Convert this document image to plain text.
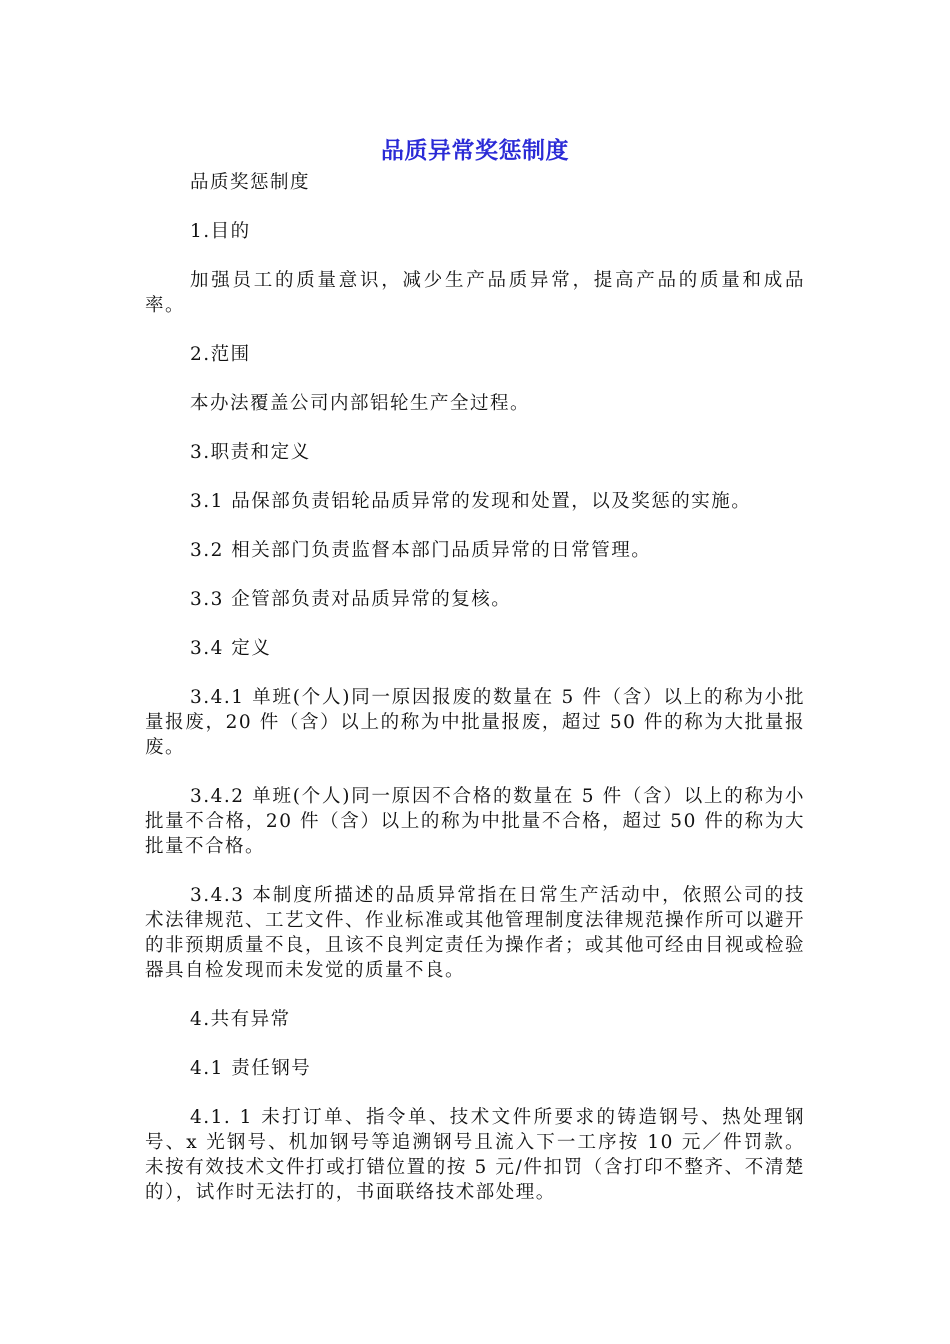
品质异常奖惩制度

品质奖惩制度

1.目的

加强员工的质量意识，减少生产品质异常，提高产品的质量和成品率。

2.范围

本办法覆盖公司内部铝轮生产全过程。

3.职责和定义

3.1 品保部负责铝轮品质异常的发现和处置，以及奖惩的实施。

3.2 相关部门负责监督本部门品质异常的日常管理。

3.3 企管部负责对品质异常的复核。

3.4 定义

3.4.1 单班(个人)同一原因报废的数量在 5 件（含）以上的称为小批量报废，20 件（含）以上的称为中批量报废，超过 50 件的称为大批量报废。

3.4.2 单班(个人)同一原因不合格的数量在 5 件（含）以上的称为小批量不合格，20 件（含）以上的称为中批量不合格，超过 50 件的称为大批量不合格。

3.4.3 本制度所描述的品质异常指在日常生产活动中，依照公司的技术法律规范、工艺文件、作业标准或其他管理制度法律规范操作所可以避开的非预期质量不良，且该不良判定责任为操作者；或其他可经由目视或检验器具自检发现而未发觉的质量不良。

4.共有异常

4.1 责任钢号

4.1. 1 未打订单、指令单、技术文件所要求的铸造钢号、热处理钢号、x 光钢号、机加钢号等追溯钢号且流入下一工序按 10 元／件罚款。未按有效技术文件打或打错位置的按 5 元/件扣罚（含打印不整齐、不清楚的），试作时无法打的，书面联络技术部处理。
